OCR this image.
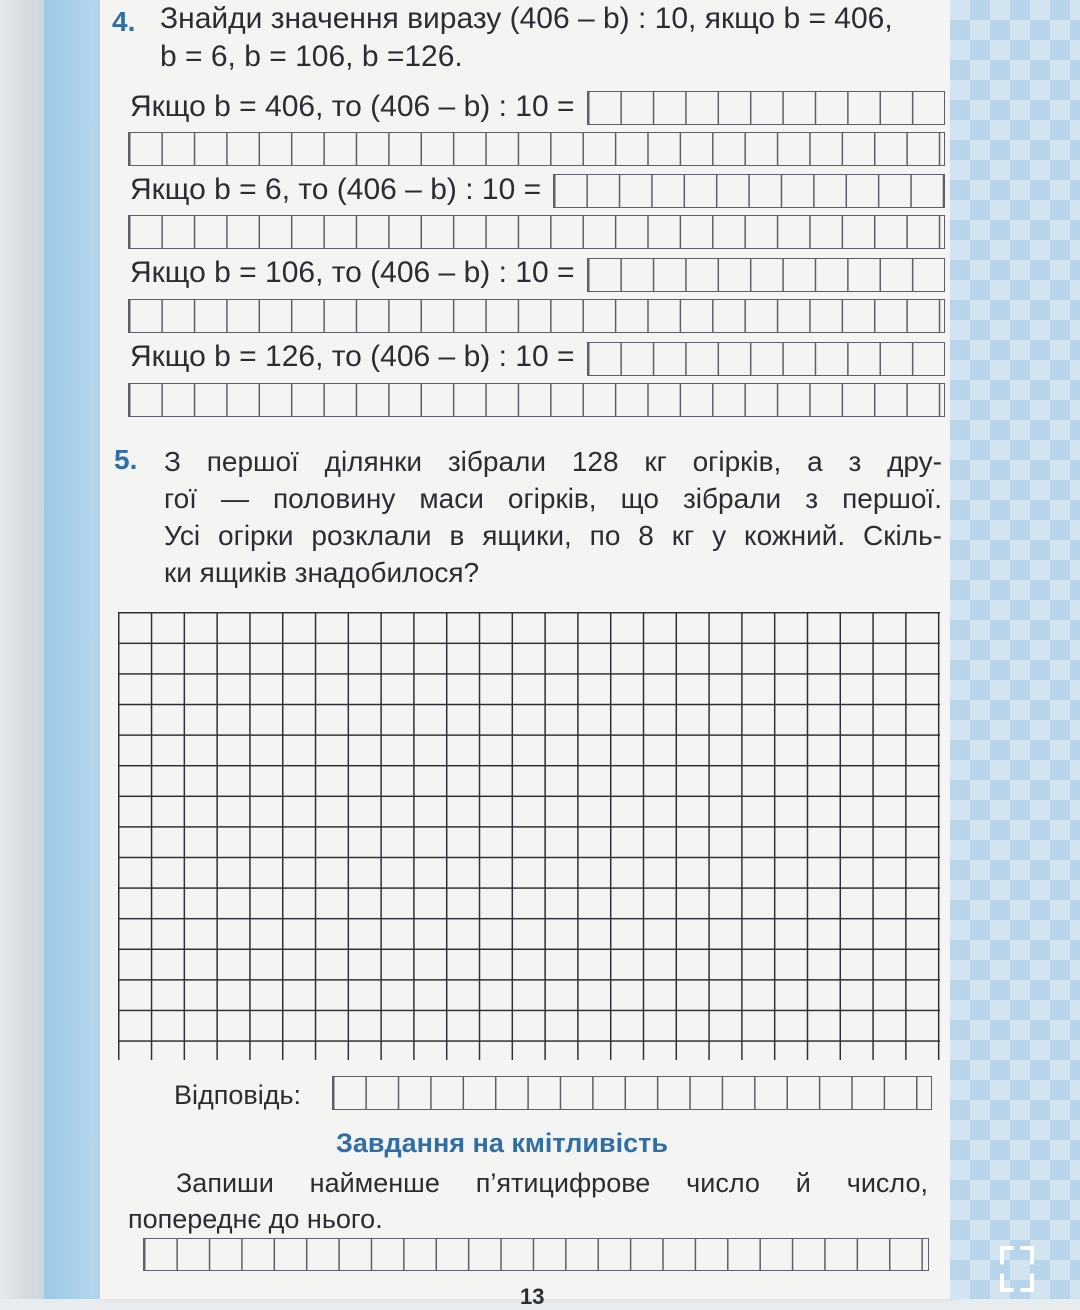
4. Знайди значення виразу (406 – b) : 10, якщо b = 406,
b = 6, b = 106, b =126.
Якщо b = 406, то (406 – b) : 10 =
Якщо b = 6, то (406 – b) : 10 =
Якщо b = 106, то (406 – b) : 10 =
Якщо b = 126, то (406 – b) : 10 =
5. З першої ділянки зібрали 128 кг огірків, а з дру-
гої — половину маси огірків, що зібрали з першої.
Усі огірки розклали в ящики, по 8 кг у кожний. Скіль-
ки ящиків знадобилося?
Відповідь:
Завдання на кмітливість
Запиши найменше п’ятицифрове число й число,
попереднє до нього.
13
